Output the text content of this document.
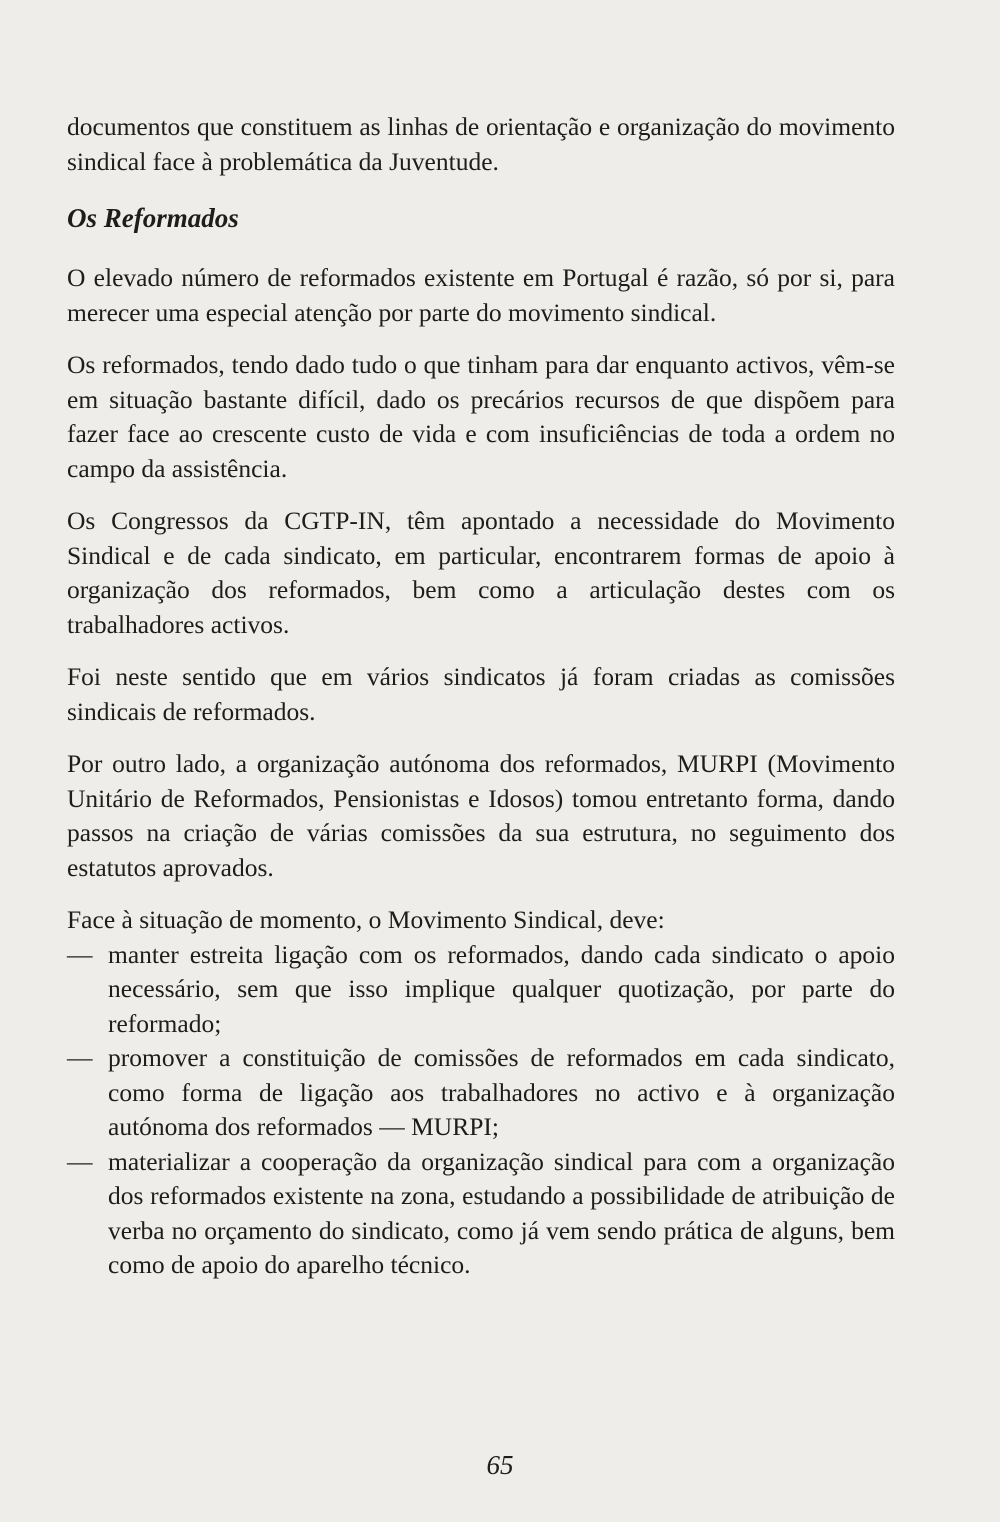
documentos que constituem as linhas de orientação e organização do movimento sindical face à problemática da Juventude.

Os Reformados

O elevado número de reformados existente em Portugal é razão, só por si, para merecer uma especial atenção por parte do movimento sindical.

Os reformados, tendo dado tudo o que tinham para dar enquanto activos, vêm-se em situação bastante difícil, dado os precários recursos de que dispõem para fazer face ao crescente custo de vida e com insuficiências de toda a ordem no campo da assistência.

Os Congressos da CGTP-IN, têm apontado a necessidade do Movimento Sindical e de cada sindicato, em particular, encontrarem formas de apoio à organização dos reformados, bem como a articulação destes com os trabalhadores activos.

Foi neste sentido que em vários sindicatos já foram criadas as comissões sindicais de reformados.

Por outro lado, a organização autónoma dos reformados, MURPI (Movimento Unitário de Reformados, Pensionistas e Idosos) tomou entretanto forma, dando passos na criação de várias comissões da sua estrutura, no seguimento dos estatutos aprovados.

Face à situação de momento, o Movimento Sindical, deve:

— manter estreita ligação com os reformados, dando cada sindicato o apoio necessário, sem que isso implique qualquer quotização, por parte do reformado;
— promover a constituição de comissões de reformados em cada sindicato, como forma de ligação aos trabalhadores no activo e à organização autónoma dos reformados — MURPI;
— materializar a cooperação da organização sindical para com a organização dos reformados existente na zona, estudando a possibilidade de atribuição de verba no orçamento do sindicato, como já vem sendo prática de alguns, bem como de apoio do aparelho técnico.
65
